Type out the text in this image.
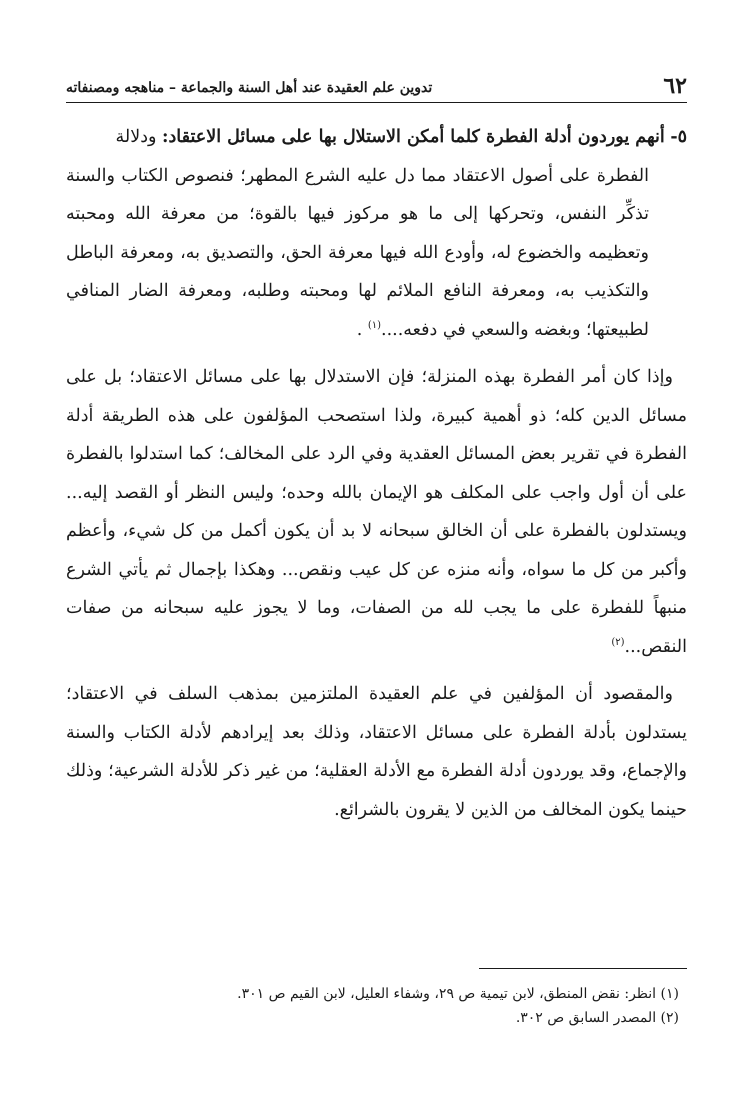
٦٢
تدوين علم العقيدة عند أهل السنة والجماعة – مناهجه ومصنفاته

٥- أنهم يوردون أدلة الفطرة كلما أمكن الاستلال بها على مسائل الاعتقاد: ودلالة
الفطرة على أصول الاعتقاد مما دل عليه الشرع المطهر؛ فنصوص الكتاب والسنة تذكِّر النفس، وتحركها إلى ما هو مركوز فيها بالقوة؛ من معرفة الله ومحبته وتعظيمه والخضوع له، وأودع الله فيها معرفة الحق، والتصديق به، ومعرفة الباطل والتكذيب به، ومعرفة النافع الملائم لها ومحبته وطلبه، ومعرفة الضار المنافي لطبيعتها؛ وبغضه والسعي في دفعه....$^{(١)}$ .

وإذا كان أمر الفطرة بهذه المنزلة؛ فإن الاستدلال بها على مسائل الاعتقاد؛ بل على مسائل الدين كله؛ ذو أهمية كبيرة، ولذا استصحب المؤلفون على هذه الطريقة أدلة الفطرة في تقرير بعض المسائل العقدية وفي الرد على المخالف؛ كما استدلوا بالفطرة على أن أول واجب على المكلف هو الإيمان بالله وحده؛ وليس النظر أو القصد إليه... ويستدلون بالفطرة على أن الخالق سبحانه لا بد أن يكون أكمل من كل شيء، وأعظم وأكبر من كل ما سواه، وأنه منزه عن كل عيب ونقص... وهكذا بإجمال ثم يأتي الشرع منبهاً للفطرة على ما يجب لله من الصفات، وما لا يجوز عليه سبحانه من صفات النقص...$^{(٢)}$

والمقصود أن المؤلفين في علم العقيدة الملتزمين بمذهب السلف في الاعتقاد؛ يستدلون بأدلة الفطرة على مسائل الاعتقاد، وذلك بعد إيرادهم لأدلة الكتاب والسنة والإجماع، وقد يوردون أدلة الفطرة مع الأدلة العقلية؛ من غير ذكر للأدلة الشرعية؛ وذلك حينما يكون المخالف من الذين لا يقرون بالشرائع.

(١) انظر: نقض المنطق، لابن تيمية ص ٢٩، وشفاء العليل، لابن القيم ص ٣٠١.

(٢) المصدر السابق ص ٣٠٢.
